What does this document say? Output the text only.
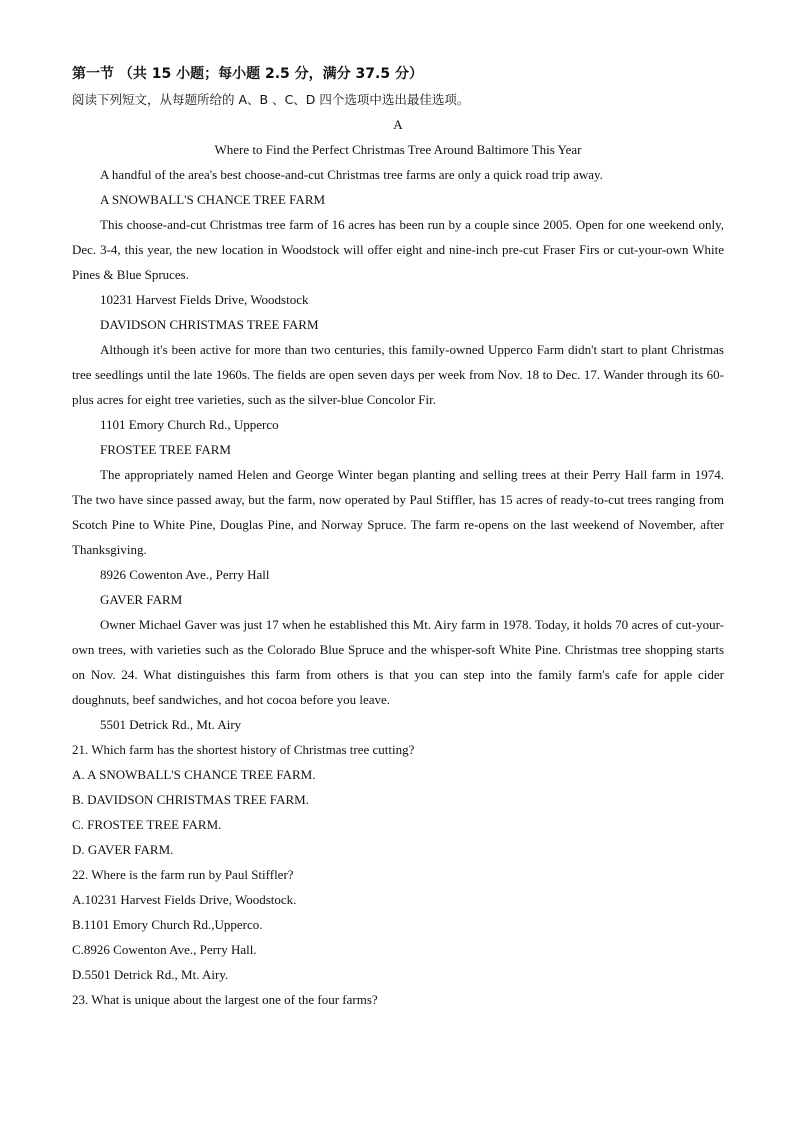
第一节 （共 15 小题；每小题 2.5 分，满分 37.5 分）

阅读下列短文，从每题所给的 A、B 、C、D 四个选项中选出最佳选项。

A

Where to Find the Perfect Christmas Tree Around Baltimore This Year

A handful of the area's best choose-and-cut Christmas tree farms are only a quick road trip away.

A SNOWBALL'S CHANCE TREE FARM

This choose-and-cut Christmas tree farm of 16 acres has been run by a couple since 2005. Open for one weekend only, Dec. 3-4, this year, the new location in Woodstock will offer eight and nine-inch pre-cut Fraser Firs or cut-your-own White Pines & Blue Spruces.

10231 Harvest Fields Drive, Woodstock

DAVIDSON CHRISTMAS TREE FARM

Although it's been active for more than two centuries, this family-owned Upperco Farm didn't start to plant Christmas tree seedlings until the late 1960s. The fields are open seven days per week from Nov. 18 to Dec. 17. Wander through its 60-plus acres for eight tree varieties, such as the silver-blue Concolor Fir.

1101 Emory Church Rd., Upperco

FROSTEE TREE FARM

The appropriately named Helen and George Winter began planting and selling trees at their Perry Hall farm in 1974. The two have since passed away, but the farm, now operated by Paul Stiffler, has 15 acres of ready-to-cut trees ranging from Scotch Pine to White Pine, Douglas Pine, and Norway Spruce. The farm re-opens on the last weekend of November, after Thanksgiving.

8926 Cowenton Ave., Perry Hall

GAVER FARM

Owner Michael Gaver was just 17 when he established this Mt. Airy farm in 1978. Today, it holds 70 acres of cut-your-own trees, with varieties such as the Colorado Blue Spruce and the whisper-soft White Pine. Christmas tree shopping starts on Nov. 24. What distinguishes this farm from others is that you can step into the family farm's cafe for apple cider doughnuts, beef sandwiches, and hot cocoa before you leave.

5501 Detrick Rd., Mt. Airy

21. Which farm has the shortest history of Christmas tree cutting?

A. A SNOWBALL'S CHANCE TREE FARM.

B. DAVIDSON CHRISTMAS TREE FARM.

C. FROSTEE TREE FARM.

D. GAVER FARM.

22. Where is the farm run by Paul Stiffler?

A.10231 Harvest Fields Drive, Woodstock.

B.1101 Emory Church Rd.,Upperco.

C.8926 Cowenton Ave., Perry Hall.

D.5501 Detrick Rd., Mt. Airy.

23. What is unique about the largest one of the four farms?
